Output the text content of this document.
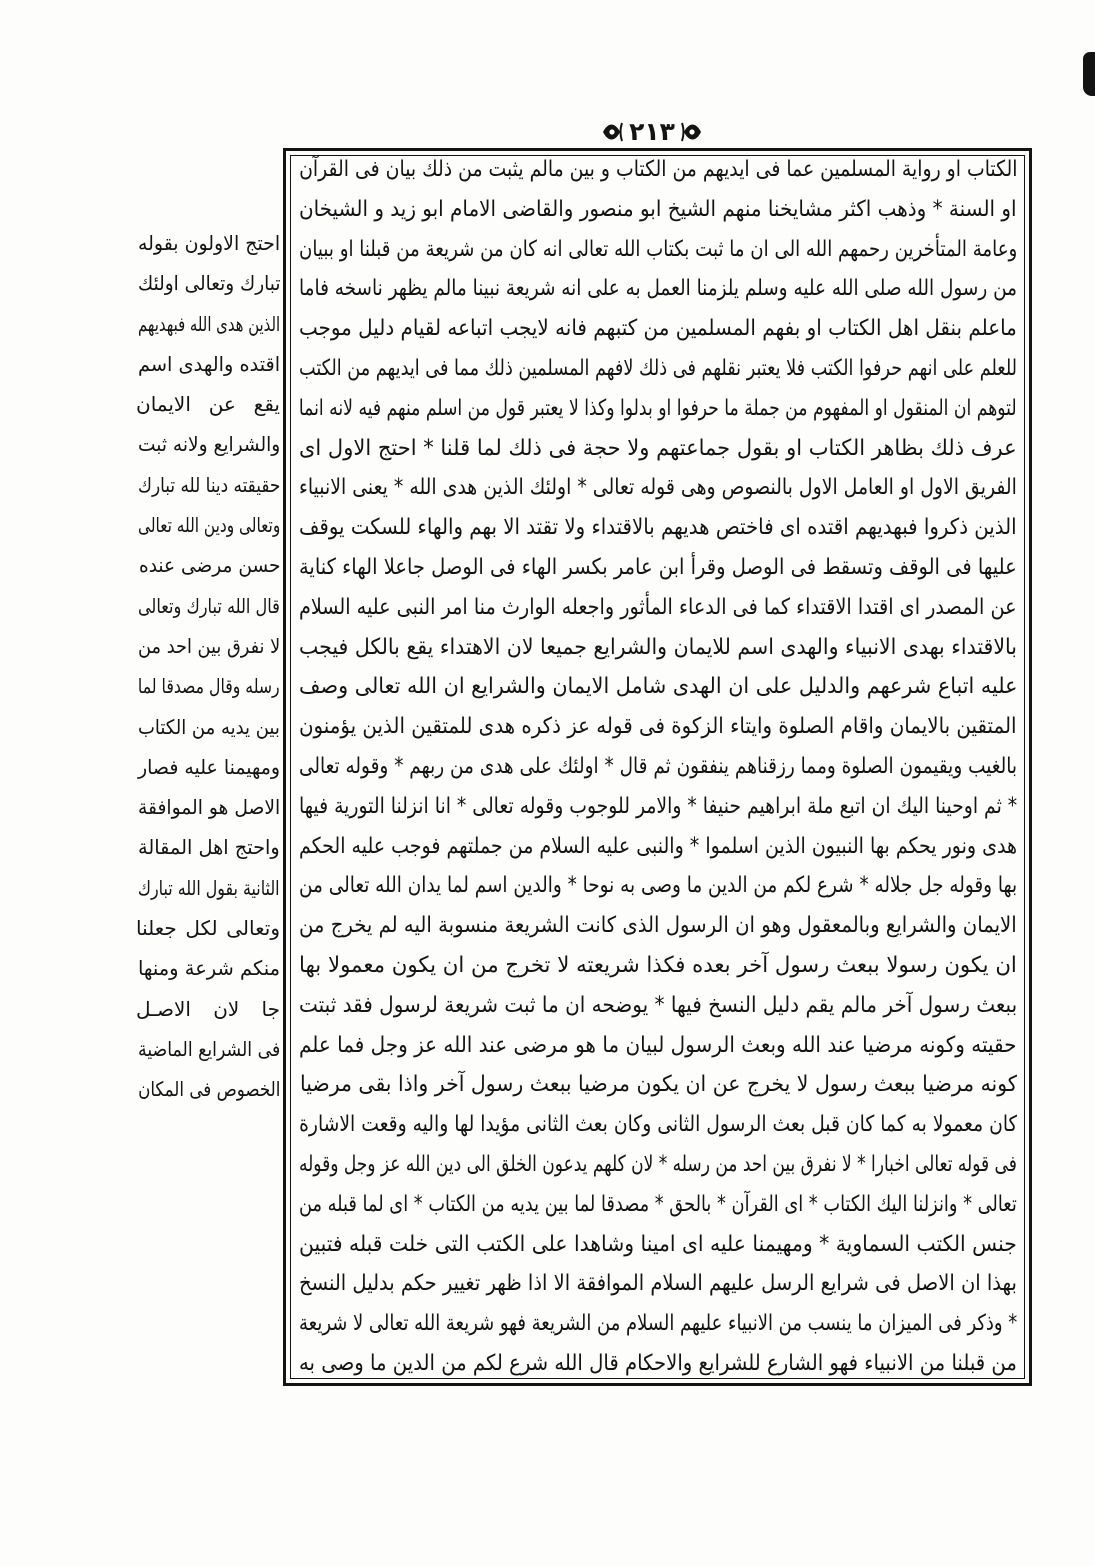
٢١٣
الكتاب او رواية المسلمين عما فى ايديهم من الكتاب و بين مالم يثبت من ذلك بيان فى القرآن
او السنة * وذهب اكثر مشايخنا منهم الشيخ ابو منصور والقاضى الامام ابو زيد و الشيخان
وعامة المتأخرين رحمهم الله الى ان ما ثبت بكتاب الله تعالى انه كان من شريعة من قبلنا او ببيان
من رسول الله صلى الله عليه وسلم يلزمنا العمل به على انه شريعة نبينا مالم يظهر ناسخه فاما
ماعلم بنقل اهل الكتاب او بفهم المسلمين من كتبهم فانه لايجب اتباعه لقيام دليل موجب
للعلم على انهم حرفوا الكتب فلا يعتبر نقلهم فى ذلك لافهم المسلمين ذلك مما فى ايديهم من الكتب
لتوهم ان المنقول او المفهوم من جملة ما حرفوا او بدلوا وكذا لا يعتبر قول من اسلم منهم فيه لانه انما
عرف ذلك بظاهر الكتاب او بقول جماعتهم ولا حجة فى ذلك لما قلنا * احتج الاول اى
الفريق الاول او العامل الاول بالنصوص وهى قوله تعالى * اولئك الذين هدى الله * يعنى الانبياء
الذين ذكروا فبهديهم اقتده اى فاختص هديهم بالاقتداء ولا تقتد الا بهم والهاء للسكت يوقف
عليها فى الوقف وتسقط فى الوصل وقرأ ابن عامر بكسر الهاء فى الوصل جاعلا الهاء كناية
عن المصدر اى اقتدا الاقتداء كما فى الدعاء المأثور واجعله الوارث منا امر النبى عليه السلام
بالاقتداء بهدى الانبياء والهدى اسم للايمان والشرايع جميعا لان الاهتداء يقع بالكل فيجب
عليه اتباع شرعهم والدليل على ان الهدى شامل الايمان والشرايع ان الله تعالى وصف
المتقين بالايمان واقام الصلوة وايتاء الزكوة فى قوله عز ذكره هدى للمتقين الذين يؤمنون
بالغيب ويقيمون الصلوة ومما رزقناهم ينفقون ثم قال * اولئك على هدى من ربهم * وقوله تعالى
* ثم اوحينا اليك ان اتبع ملة ابراهيم حنيفا * والامر للوجوب وقوله تعالى * انا انزلنا التورية فيها
هدى ونور يحكم بها النبيون الذين اسلموا * والنبى عليه السلام من جملتهم فوجب عليه الحكم
بها وقوله جل جلاله * شرع لكم من الدين ما وصى به نوحا * والدين اسم لما يدان الله تعالى من
الايمان والشرايع وبالمعقول وهو ان الرسول الذى كانت الشريعة منسوبة اليه لم يخرج من
ان يكون رسولا ببعث رسول آخر بعده فكذا شريعته لا تخرج من ان يكون معمولا بها
ببعث رسول آخر مالم يقم دليل النسخ فيها * يوضحه ان ما ثبت شريعة لرسول فقد ثبتت
حقيته وكونه مرضيا عند الله وبعث الرسول لبيان ما هو مرضى عند الله عز وجل فما علم
كونه مرضيا ببعث رسول لا يخرج عن ان يكون مرضيا ببعث رسول آخر واذا بقى مرضيا
كان معمولا به كما كان قبل بعث الرسول الثانى وكان بعث الثانى مؤيدا لها واليه وقعت الاشارة
فى قوله تعالى اخبارا * لا نفرق بين احد من رسله * لان كلهم يدعون الخلق الى دين الله عز وجل وقوله
تعالى * وانزلنا اليك الكتاب * اى القرآن * بالحق * مصدقا لما بين يديه من الكتاب * اى لما قبله من
جنس الكتب السماوية * ومهيمنا عليه اى امينا وشاهدا على الكتب التى خلت قبله فتبين
بهذا ان الاصل فى شرايع الرسل عليهم السلام الموافقة الا اذا ظهر تغيير حكم بدليل النسخ
* وذكر فى الميزان ما ينسب من الانبياء عليهم السلام من الشريعة فهو شريعة الله تعالى لا شريعة
من قبلنا من الانبياء فهو الشارع للشرايع والاحكام قال الله شرع لكم من الدين ما وصى به
احتج الاولون بقوله
تبارك وتعالى اولئك
الذين هدى الله فبهديهم
اقتده والهدى اسم
يقع عن الايمان
والشرايع ولانه ثبت
حقيقته دينا لله تبارك
وتعالى ودين الله تعالى
حسن مرضى عنده
قال الله تبارك وتعالى
لا نفرق بين احد من
رسله وقال مصدقا لما
بين يديه من الكتاب
ومهيمنا عليه فصار
الاصل هو الموافقة
واحتج اهل المقالة
الثانية بقول الله تبارك
وتعالى لكل جعلنا
منكم شرعة ومنها
جا لان الاصـل
فى الشرايع الماضية
الخصوص فى المكان
